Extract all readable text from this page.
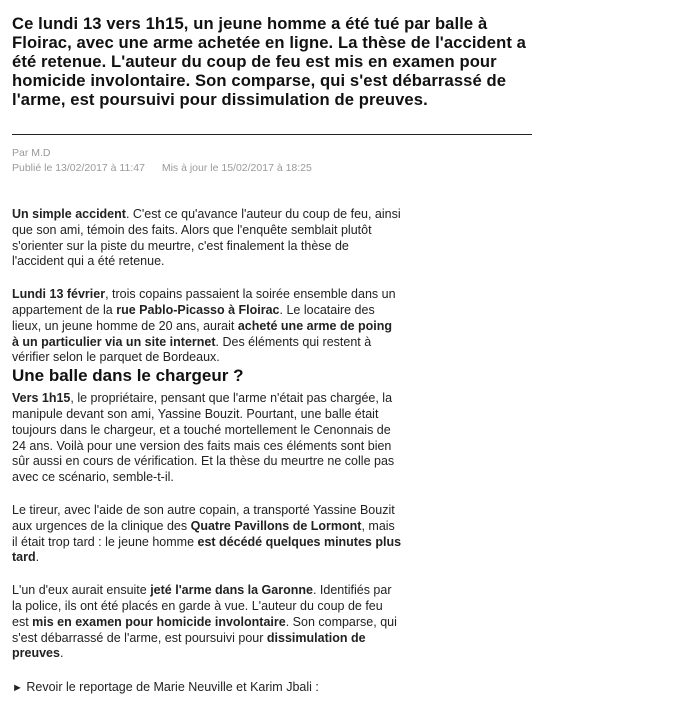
Ce lundi 13 vers 1h15, un jeune homme a été tué par balle à Floirac, avec une arme achetée en ligne. La thèse de l'accident a été retenue. L'auteur du coup de feu est mis en examen pour homicide involontaire. Son comparse, qui s'est débarrassé de l'arme, est poursuivi pour dissimulation de preuves.

Par M.D
Publié le 13/02/2017 à 11:47 Mis à jour le 15/02/2017 à 18:25

Un simple accident. C'est ce qu'avance l'auteur du coup de feu, ainsi que son ami, témoin des faits. Alors que l'enquête semblait plutôt s'orienter sur la piste du meurtre, c'est finalement la thèse de l'accident qui a été retenue.

Lundi 13 février, trois copains passaient la soirée ensemble dans un appartement de la rue Pablo-Picasso à Floirac. Le locataire des lieux, un jeune homme de 20 ans, aurait acheté une arme de poing à un particulier via un site internet. Des éléments qui restent à vérifier selon le parquet de Bordeaux.

Une balle dans le chargeur ?

Vers 1h15, le propriétaire, pensant que l'arme n'était pas chargée, la manipule devant son ami, Yassine Bouzit. Pourtant, une balle était toujours dans le chargeur, et a touché mortellement le Cenonnais de 24 ans. Voilà pour une version des faits mais ces éléments sont bien sûr aussi en cours de vérification. Et la thèse du meurtre ne colle pas avec ce scénario, semble-t-il.

Le tireur, avec l'aide de son autre copain, a transporté Yassine Bouzit aux urgences de la clinique des Quatre Pavillons de Lormont, mais il était trop tard : le jeune homme est décédé quelques minutes plus tard.

L'un d'eux aurait ensuite jeté l'arme dans la Garonne. Identifiés par la police, ils ont été placés en garde à vue. L'auteur du coup de feu est mis en examen pour homicide involontaire. Son comparse, qui s'est débarrassé de l'arme, est poursuivi pour dissimulation de preuves.

► Revoir le reportage de Marie Neuville et Karim Jbali :
